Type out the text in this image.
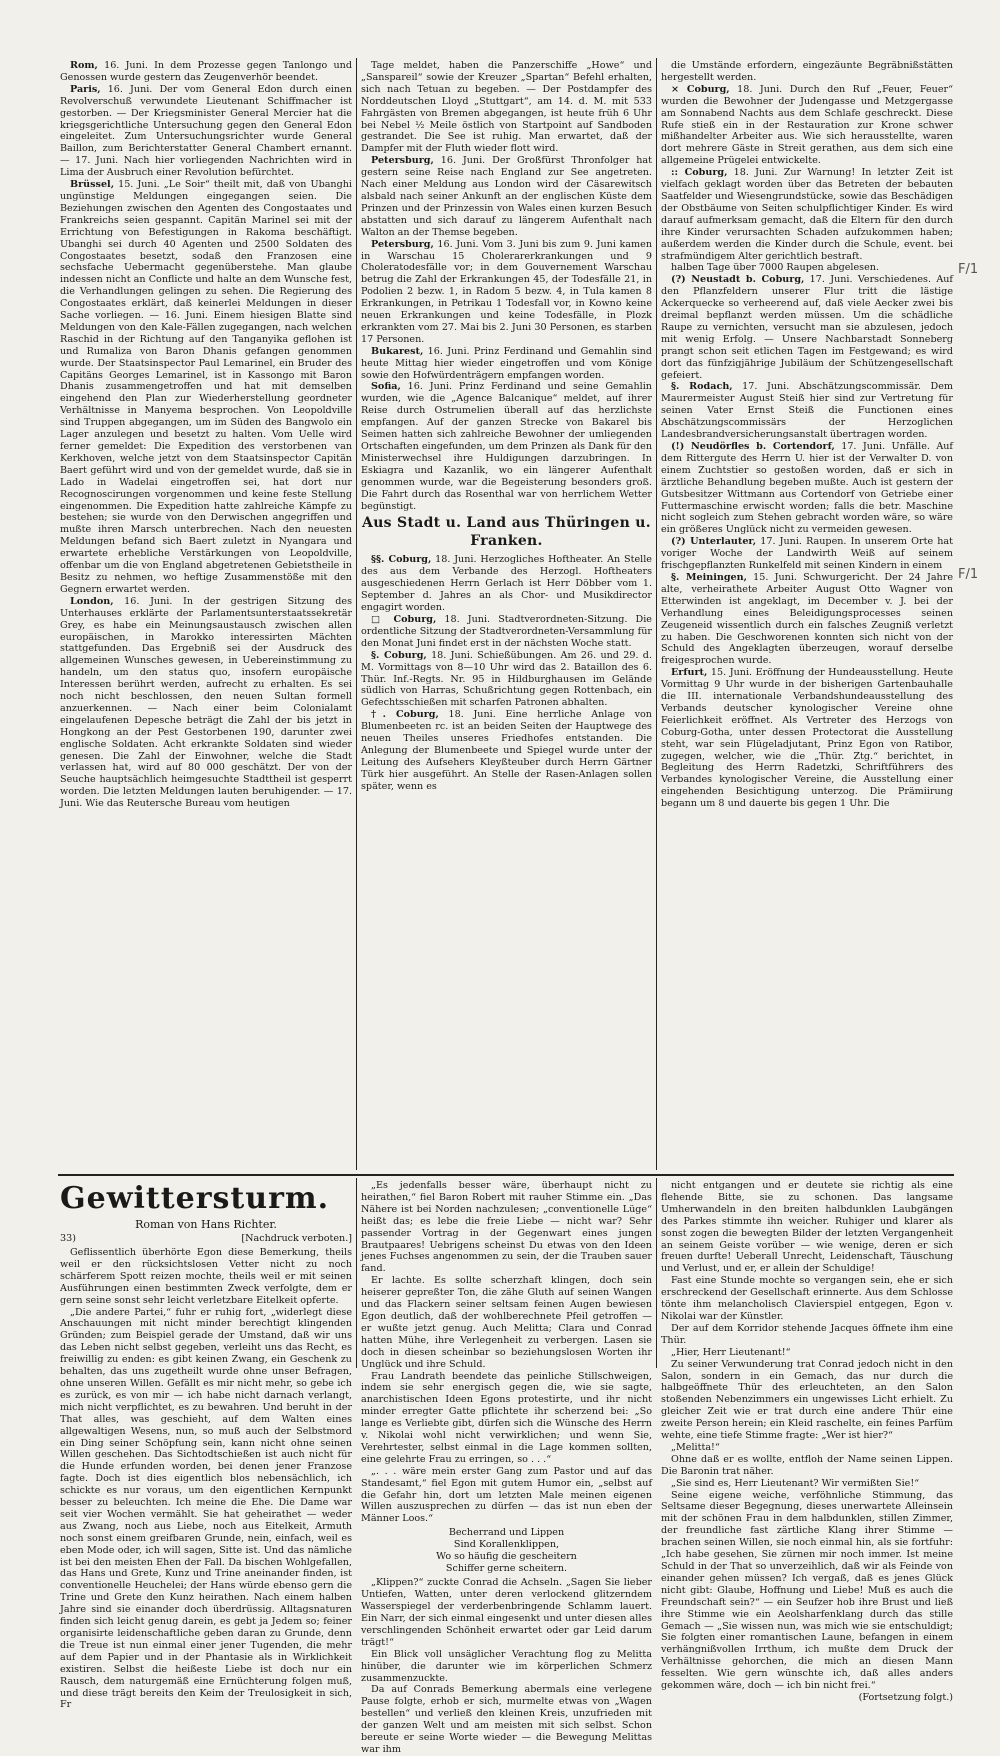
Rom, 16. Juni. In dem Prozesse gegen Tanlongo und Genossen wurde gestern das Zeugenverhör beendet.

Paris, 16. Juni. Der vom General Edon durch einen Revolverschuß verwundete Lieutenant Schiffmacher ist gestorben. — Der Kriegsminister General Mercier hat die kriegsgerichtliche Untersuchung gegen den General Edon eingeleitet. Zum Untersuchungsrichter wurde General Baillon, zum Berichterstatter General Chambert ernannt. — 17. Juni. Nach hier vorliegenden Nachrichten wird in Lima der Ausbruch einer Revolution befürchtet.

Brüssel, 15. Juni. „Le Soir“ theilt mit, daß von Ubanghi ungünstige Meldungen eingegangen seien. Die Beziehungen zwischen den Agenten des Congostaates und Frankreichs seien gespannt. Capitän Marinel sei mit der Errichtung von Befestigungen in Rakoma beschäftigt. Ubanghi sei durch 40 Agenten und 2500 Soldaten des Congostaates besetzt, sodaß den Franzosen eine sechsfache Uebermacht gegenüberstehe. Man glaube indessen nicht an Conflicte und halte an dem Wunsche fest, die Verhandlungen gelingen zu sehen. Die Regierung des Congostaates erklärt, daß keinerlei Meldungen in dieser Sache vorliegen. — 16. Juni. Einem hiesigen Blatte sind Meldungen von den Kale-Fällen zugegangen, nach welchen Raschid in der Richtung auf den Tanganyika geflohen ist und Rumaliza von Baron Dhanis gefangen genommen wurde. Der Staatsinspector Paul Lemarinel, ein Bruder des Capitäns Georges Lemarinel, ist in Kassongo mit Baron Dhanis zusammengetroffen und hat mit demselben eingehend den Plan zur Wiederherstellung geordneter Verhältnisse in Manyema besprochen. Von Leopoldville sind Truppen abgegangen, um im Süden des Bangwolo ein Lager anzulegen und besetzt zu halten. Vom Uelle wird ferner gemeldet: Die Expedition des verstorbenen van Kerkhoven, welche jetzt von dem Staatsinspector Capitän Baert geführt wird und von der gemeldet wurde, daß sie in Lado in Wadelai eingetroffen sei, hat dort nur Recognoscirungen vorgenommen und keine feste Stellung eingenommen. Die Expedition hatte zahlreiche Kämpfe zu bestehen; sie wurde von den Derwischen angegriffen und mußte ihren Marsch unterbrechen. Nach den neuesten Meldungen befand sich Baert zuletzt in Nyangara und erwartete erhebliche Verstärkungen von Leopoldville, offenbar um die von England abgetretenen Gebietstheile in Besitz zu nehmen, wo heftige Zusammenstöße mit den Gegnern erwartet werden.

London, 16. Juni. In der gestrigen Sitzung des Unterhauses erklärte der Parlamentsunterstaatssekretär Grey, es habe ein Meinungsaustausch zwischen allen europäischen, in Marokko interessirten Mächten stattgefunden. Das Ergebniß sei der Ausdruck des allgemeinen Wunsches gewesen, in Uebereinstimmung zu handeln, um den status quo, insofern europäische Interessen berührt werden, aufrecht zu erhalten. Es sei noch nicht beschlossen, den neuen Sultan formell anzuerkennen. — Nach einer beim Colonialamt eingelaufenen Depesche beträgt die Zahl der bis jetzt in Hongkong an der Pest Gestorbenen 190, darunter zwei englische Soldaten. Acht erkrankte Soldaten sind wieder genesen. Die Zahl der Einwohner, welche die Stadt verlassen hat, wird auf 80 000 geschätzt. Der von der Seuche hauptsächlich heimgesuchte Stadttheil ist gesperrt worden. Die letzten Meldungen lauten beruhigender. — 17. Juni. Wie das Reutersche Bureau vom heutigen

Tage meldet, haben die Panzerschiffe „Howe“ und „Sanspareil“ sowie der Kreuzer „Spartan“ Befehl erhalten, sich nach Tetuan zu begeben. — Der Postdampfer des Norddeutschen Lloyd „Stuttgart“, am 14. d. M. mit 533 Fahrgästen von Bremen abgegangen, ist heute früh 6 Uhr bei Nebel ½ Meile östlich von Startpoint auf Sandboden gestrandet. Die See ist ruhig. Man erwartet, daß der Dampfer mit der Fluth wieder flott wird.

Petersburg, 16. Juni. Der Großfürst Thronfolger hat gestern seine Reise nach England zur See angetreten. Nach einer Meldung aus London wird der Cäsarewitsch alsbald nach seiner Ankunft an der englischen Küste dem Prinzen und der Prinzessin von Wales einen kurzen Besuch abstatten und sich darauf zu längerem Aufenthalt nach Walton an der Themse begeben.

Petersburg, 16. Juni. Vom 3. Juni bis zum 9. Juni kamen in Warschau 15 Cholerarerkrankungen und 9 Choleratodesfälle vor; in dem Gouvernement Warschau betrug die Zahl der Erkrankungen 45, der Todesfälle 21, in Podolien 2 bezw. 1, in Radom 5 bezw. 4, in Tula kamen 8 Erkrankungen, in Petrikau 1 Todesfall vor, in Kowno keine neuen Erkrankungen und keine Todesfälle, in Plozk erkrankten vom 27. Mai bis 2. Juni 30 Personen, es starben 17 Personen.

Bukarest, 16. Juni. Prinz Ferdinand und Gemahlin sind heute Mittag hier wieder eingetroffen und vom Könige sowie den Hofwürdenträgern empfangen worden.

Sofia, 16. Juni. Prinz Ferdinand und seine Gemahlin wurden, wie die „Agence Balcanique“ meldet, auf ihrer Reise durch Ostrumelien überall auf das herzlichste empfangen. Auf der ganzen Strecke von Bakarel bis Seimen hatten sich zahlreiche Bewohner der umliegenden Ortschaften eingefunden, um dem Prinzen als Dank für den Ministerwechsel ihre Huldigungen darzubringen. In Eskiagra und Kazanlik, wo ein längerer Aufenthalt genommen wurde, war die Begeisterung besonders groß. Die Fahrt durch das Rosenthal war von herrlichem Wetter begünstigt.

Aus Stadt u. Land aus Thüringen u. Franken.

§§. Coburg, 18. Juni. Herzogliches Hoftheater. An Stelle des aus dem Verbande des Herzogl. Hoftheaters ausgeschiedenen Herrn Gerlach ist Herr Döbber vom 1. September d. Jahres an als Chor- und Musikdirector engagirt worden.

□ Coburg, 18. Juni. Stadtverordneten-Sitzung. Die ordentliche Sitzung der Stadtverordneten-Versammlung für den Monat Juni findet erst in der nächsten Woche statt.

§. Coburg, 18. Juni. Schießübungen. Am 26. und 29. d. M. Vormittags von 8—10 Uhr wird das 2. Bataillon des 6. Thür. Inf.-Regts. Nr. 95 in Hildburghausen im Gelände südlich von Harras, Schußrichtung gegen Rottenbach, ein Gefechtsschießen mit scharfen Patronen abhalten.

†. Coburg, 18. Juni. Eine herrliche Anlage von Blumenbeeten rc. ist an beiden Seiten der Hauptwege des neuen Theiles unseres Friedhofes entstanden. Die Anlegung der Blumenbeete und Spiegel wurde unter der Leitung des Aufsehers Kleyßteuber durch Herrn Gärtner Türk hier ausgeführt. An Stelle der Rasen-Anlagen sollen später, wenn es

die Umstände erfordern, eingezäunte Begräbnißstätten hergestellt werden.

× Coburg, 18. Juni. Durch den Ruf „Feuer, Feuer“ wurden die Bewohner der Judengasse und Metzgergasse am Sonnabend Nachts aus dem Schlafe geschreckt. Diese Rufe stieß ein in der Restauration zur Krone schwer mißhandelter Arbeiter aus. Wie sich herausstellte, waren dort mehrere Gäste in Streit gerathen, aus dem sich eine allgemeine Prügelei entwickelte.

:: Coburg, 18. Juni. Zur Warnung! In letzter Zeit ist vielfach geklagt worden über das Betreten der bebauten Saatfelder und Wiesengrundstücke, sowie das Beschädigen der Obstbäume von Seiten schulpflichtiger Kinder. Es wird darauf aufmerksam gemacht, daß die Eltern für den durch ihre Kinder verursachten Schaden aufzukommen haben; außerdem werden die Kinder durch die Schule, event. bei strafmündigem Alter gerichtlich bestraft.

halben Tage über 7000 Raupen abgelesen.

(?) Neustadt b. Coburg, 17. Juni. Verschiedenes. Auf den Pflanzfeldern unserer Flur tritt die lästige Ackerquecke so verheerend auf, daß viele Aecker zwei bis dreimal bepflanzt werden müssen. Um die schädliche Raupe zu vernichten, versucht man sie abzulesen, jedoch mit wenig Erfolg. — Unsere Nachbarstadt Sonneberg prangt schon seit etlichen Tagen im Festgewand; es wird dort das fünfzigjährige Jubiläum der Schützengesellschaft gefeiert.

§. Rodach, 17. Juni. Abschätzungscommissär. Dem Maurermeister August Steiß hier sind zur Vertretung für seinen Vater Ernst Steiß die Functionen eines Abschätzungscommissärs der Herzoglichen Landesbrandversicherungsanstalt übertragen worden.

(!) Neudörfles b. Cortendorf, 17. Juni. Unfälle. Auf dem Rittergute des Herrn U. hier ist der Verwalter D. von einem Zuchtstier so gestoßen worden, daß er sich in ärztliche Behandlung begeben mußte. Auch ist gestern der Gutsbesitzer Wittmann aus Cortendorf von Getriebe einer Futtermaschine erwischt worden; falls die betr. Maschine nicht sogleich zum Stehen gebracht worden wäre, so wäre ein größeres Unglück nicht zu vermeiden gewesen.

(?) Unterlauter, 17. Juni. Raupen. In unserem Orte hat voriger Woche der Landwirth Weiß auf seinem frischgepflanzten Runkelfeld mit seinen Kindern in einem

§. Meiningen, 15. Juni. Schwurgericht. Der 24 Jahre alte, verheirathete Arbeiter August Otto Wagner von Etterwinden ist angeklagt, im December v. J. bei der Verhandlung eines Beleidigungsprocesses seinen Zeugeneid wissentlich durch ein falsches Zeugniß verletzt zu haben. Die Geschworenen konnten sich nicht von der Schuld des Angeklagten überzeugen, worauf derselbe freigesprochen wurde.

Erfurt, 15. Juni. Eröffnung der Hundeausstellung. Heute Vormittag 9 Uhr wurde in der bisherigen Gartenbauhalle die III. internationale Verbandshundeausstellung des Verbands deutscher kynologischer Vereine ohne Feierlichkeit eröffnet. Als Vertreter des Herzogs von Coburg-Gotha, unter dessen Protectorat die Ausstellung steht, war sein Flügeladjutant, Prinz Egon von Ratibor, zugegen, welcher, wie die „Thür. Ztg.“ berichtet, in Begleitung des Herrn Radetzki, Schriftführers des Verbandes kynologischer Vereine, die Ausstellung einer eingehenden Besichtigung unterzog. Die Prämiirung begann um 8 und dauerte bis gegen 1 Uhr. Die

F/1
F/1
Gewittersturm.
Roman von Hans Richter.
33)	[Nachdruck verboten.]

Geflissentlich überhörte Egon diese Bemerkung, theils weil er den rücksichtslosen Vetter nicht zu noch schärferem Spott reizen mochte, theils weil er mit seinen Ausführungen einen bestimmten Zweck verfolgte, dem er gern seine sonst sehr leicht verletzbare Eitelkeit opferte.

„Die andere Partei,“ fuhr er ruhig fort, „widerlegt diese Anschauungen mit nicht minder berechtigt klingenden Gründen; zum Beispiel gerade der Umstand, daß wir uns das Leben nicht selbst gegeben, verleiht uns das Recht, es freiwillig zu enden: es gibt keinen Zwang, ein Geschenk zu behalten, das uns zugetheilt wurde ohne unser Befragen, ohne unseren Willen. Gefällt es mir nicht mehr, so gebe ich es zurück, es von mir — ich habe nicht darnach verlangt, mich nicht verpflichtet, es zu bewahren. Und beruht in der That alles, was geschieht, auf dem Walten eines allgewaltigen Wesens, nun, so muß auch der Selbstmord ein Ding seiner Schöpfung sein, kann nicht ohne seinen Willen geschehen. Das Sichtodtschießen ist auch nicht für die Hunde erfunden worden, bei denen jener Franzose fagte. Doch ist dies eigentlich blos nebensächlich, ich schickte es nur voraus, um den eigentlichen Kernpunkt besser zu beleuchten. Ich meine die Ehe. Die Dame war seit vier Wochen vermählt. Sie hat geheirathet — weder aus Zwang, noch aus Liebe, noch aus Eitelkeit, Armuth noch sonst einem greifbaren Grunde, nein, einfach, weil es eben Mode oder, ich will sagen, Sitte ist. Und das nämliche ist bei den meisten Ehen der Fall. Da bischen Wohlgefallen, das Hans und Grete, Kunz und Trine aneinander finden, ist conventionelle Heuchelei; der Hans würde ebenso gern die Trine und Grete den Kunz heirathen. Nach einem halben Jahre sind sie einander doch überdrüssig. Alltagsnaturen finden sich leicht genug darein, es gebt ja Jedem so; feiner organisirte leidenschaftliche geben daran zu Grunde, denn die Treue ist nun einmal einer jener Tugenden, die mehr auf dem Papier und in der Phantasie als in Wirklichkeit existiren. Selbst die heißeste Liebe ist doch nur ein Rausch, dem naturgemäß eine Ernüchterung folgen muß, und diese trägt bereits den Keim der Treulosigkeit in sich, Fr

„Es jedenfalls besser wäre, überhaupt nicht zu heirathen,“ fiel Baron Robert mit rauher Stimme ein. „Das Nähere ist bei Norden nachzulesen; „conventionelle Lüge“ heißt das; es lebe die freie Liebe — nicht war? Sehr passender Vortrag in der Gegenwart eines jungen Brautpaares! Uebrigens scheinst Du etwas von den Ideen jenes Fuchses angenommen zu sein, der die Trauben sauer fand.

Er lachte. Es sollte scherzhaft klingen, doch sein heiserer gepreßter Ton, die zähe Gluth auf seinen Wangen und das Flackern seiner seltsam feinen Augen bewiesen Egon deutlich, daß der wohlberechnete Pfeil getroffen — er wußte jetzt genug. Auch Melitta; Clara und Conrad hatten Mühe, ihre Verlegenheit zu verbergen. Lasen sie doch in diesen scheinbar so beziehungslosen Worten ihr Unglück und ihre Schuld.

Frau Landrath beendete das peinliche Stillschweigen, indem sie sehr energisch gegen die, wie sie sagte, anarchistischen Ideen Egons protestirte, und ihr nicht minder erregter Gatte pflichtete ihr scherzend bei: „So lange es Verliebte gibt, dürfen sich die Wünsche des Herrn v. Nikolai wohl nicht verwirklichen; und wenn Sie, Verehrtester, selbst einmal in die Lage kommen sollten, eine gelehrte Frau zu erringen, so . . .“

„. . . wäre mein erster Gang zum Pastor und auf das Standesamt,“ fiel Egon mit gutem Humor ein, „selbst auf die Gefahr hin, dort um letzten Male meinen eigenen Willen auszusprechen zu dürfen — das ist nun eben der Männer Loos.“

Becherrand und Lippen
Sind Korallenklippen,
Wo so häufig die gescheitern
Schiffer gerne scheitern.

„Klippen?“ zuckte Conrad die Achseln. „Sagen Sie lieber Untiefen, Watten, unter deren verlockend glitzerndem Wasserspiegel der verderbenbringende Schlamm lauert. Ein Narr, der sich einmal eingesenkt und unter diesen alles verschlingenden Schönheit erwartet oder gar Leid darum trägt!“

Ein Blick voll unsäglicher Verachtung flog zu Melitta hinüber, die darunter wie im körperlichen Schmerz zusammenzuckte.

Da auf Conrads Bemerkung abermals eine verlegene Pause folgte, erhob er sich, murmelte etwas von „Wagen bestellen“ und verließ den kleinen Kreis, unzufrieden mit der ganzen Welt und am meisten mit sich selbst. Schon bereute er seine Worte wieder — die Bewegung Melittas war ihm

nicht entgangen und er deutete sie richtig als eine flehende Bitte, sie zu schonen. Das langsame Umherwandeln in den breiten halbdunklen Laubgängen des Parkes stimmte ihn weicher. Ruhiger und klarer als sonst zogen die bewegten Bilder der letzten Vergangenheit an seinem Geiste vorüber — wie wenige, deren er sich freuen durfte! Ueberall Unrecht, Leidenschaft, Täuschung und Verlust, und er, er allein der Schuldige!

Fast eine Stunde mochte so vergangen sein, ehe er sich erschreckend der Gesellschaft erinnerte. Aus dem Schlosse tönte ihm melancholisch Clavierspiel entgegen, Egon v. Nikolai war der Künstler.

Der auf dem Korridor stehende Jacques öffnete ihm eine Thür.

„Hier, Herr Lieutenant!“

Zu seiner Verwunderung trat Conrad jedoch nicht in den Salon, sondern in ein Gemach, das nur durch die halbgeöffnete Thür des erleuchteten, an den Salon stoßenden Nebenzimmers ein ungewisses Licht erhielt. Zu gleicher Zeit wie er trat durch eine andere Thür eine zweite Person herein; ein Kleid raschelte, ein feines Parfüm wehte, eine tiefe Stimme fragte: „Wer ist hier?“

„Melitta!“

Ohne daß er es wollte, entfloh der Name seinen Lippen. Die Baronin trat näher.

„Sie sind es, Herr Lieutenant? Wir vermißten Sie!“

Seine eigene weiche, verföhnliche Stimmung, das Seltsame dieser Begegnung, dieses unerwartete Alleinsein mit der schönen Frau in dem halbdunklen, stillen Zimmer, der freundliche fast zärtliche Klang ihrer Stimme — brachen seinen Willen, sie noch einmal hin, als sie fortfuhr: „Ich habe gesehen, Sie zürnen mir noch immer. Ist meine Schuld in der That so unverzeihlich, daß wir als Feinde von einander gehen müssen? Ich vergaß, daß es jenes Glück nicht gibt: Glaube, Hoffnung und Liebe! Muß es auch die Freundschaft sein?“ — ein Seufzer hob ihre Brust und ließ ihre Stimme wie ein Aeolsharfenklang durch das stille Gemach — „Sie wissen nun, was mich wie sie entschuldigt; Sie folgten einer romantischen Laune, befangen in einem verhängnißvollen Irrthum, ich mußte dem Druck der Verhältnisse gehorchen, die mich an diesen Mann fesselten. Wie gern wünschte ich, daß alles anders gekommen wäre, doch — ich bin nicht frei.“

(Fortsetzung folgt.)
